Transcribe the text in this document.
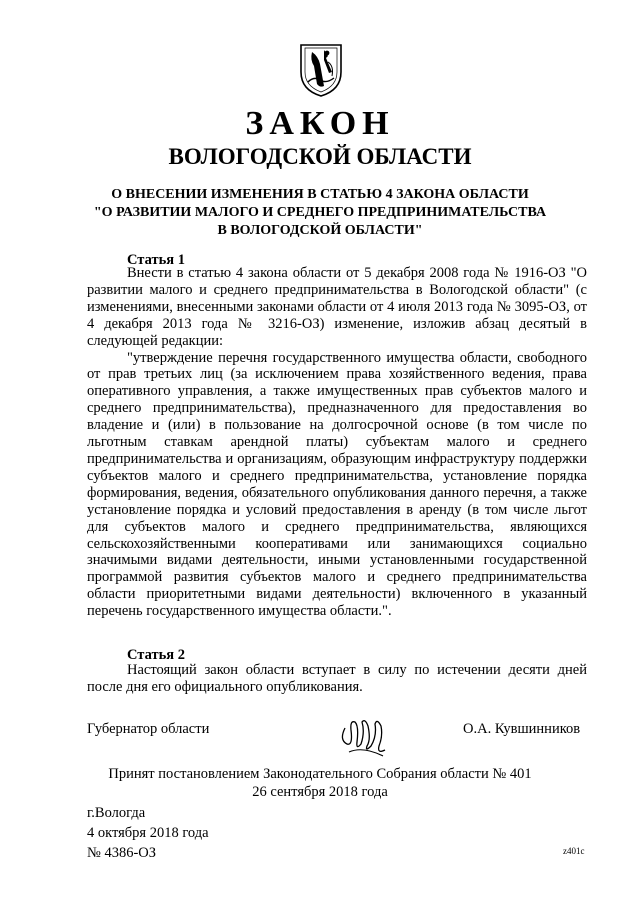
ЗАКОН
ВОЛОГОДСКОЙ ОБЛАСТИ
О ВНЕСЕНИИ ИЗМЕНЕНИЯ В СТАТЬЮ 4 ЗАКОНА ОБЛАСТИ
"О РАЗВИТИИ МАЛОГО И СРЕДНЕГО ПРЕДПРИНИМАТЕЛЬСТВА
В ВОЛОГОДСКОЙ ОБЛАСТИ"
Статья 1

Внести в статью 4 закона области от 5 декабря 2008 года № 1916-ОЗ "О развитии малого и среднего предпринимательства в Вологодской области" (с изменениями, внесенными законами области от 4 июля 2013 года № 3095-ОЗ, от 4 декабря 2013 года № 3216-ОЗ) изменение, изложив абзац десятый в следующей редакции:

"утверждение перечня государственного имущества области, свободного от прав третьих лиц (за исключением права хозяйственного ведения, права оперативного управления, а также имущественных прав субъектов малого и среднего предпринимательства), предназначенного для предоставления во владение и (или) в пользование на долгосрочной основе (в том числе по льготным ставкам арендной платы) субъектам малого и среднего предпринимательства и организациям, образующим инфраструктуру поддержки субъектов малого и среднего предпринимательства, установление порядка формирования, ведения, обязательного опубликования данного перечня, а также установление порядка и условий предоставления в аренду (в том числе льгот для субъектов малого и среднего предпринимательства, являющихся сельскохозяйственными кооперативами или занимающихся социально значимыми видами деятельности, иными установленными государственной программой развития субъектов малого и среднего предпринимательства области приоритетными видами деятельности) включенного в указанный перечень государственного имущества области.".

Статья 2

Настоящий закон области вступает в силу по истечении десяти дней после дня его официального опубликования.

Губернатор области	О.А. Кувшинников
Принят постановлением Законодательного Собрания области № 401
26 сентября 2018 года
г.Вологда
4 октября 2018 года
№ 4386-ОЗ	z401c
